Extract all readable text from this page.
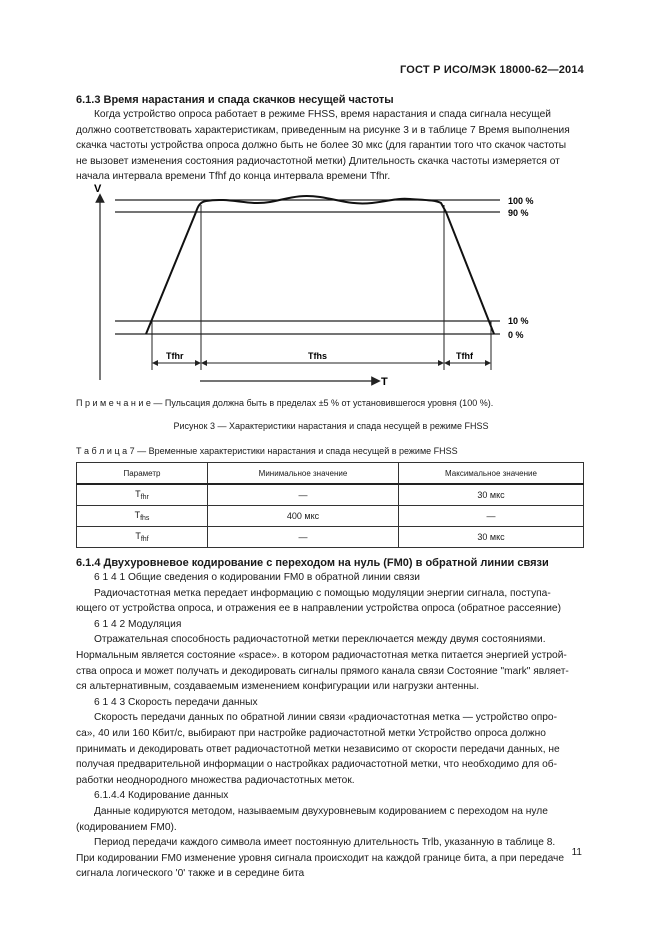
ГОСТ Р ИСО/МЭК 18000-62—2014
6.1.3 Время нарастания и спада скачков несущей частоты
Когда устройство опроса работает в режиме FHSS, время нарастания и спада сигнала несущей
должно соответствовать характеристикам, приведенным на рисунке 3 и в таблице 7 Время выполнения
скачка частоты устройства опроса должно быть не более 30 мкс (для гарантии того что скачок частоты
не вызовет изменения состояния радиочастотной метки) Длительность скачка частоты измеряется от
начала интервала времени Tfhf до конца интервала времени Tfhr.
V
T
100 %
90 %
10 %
0 %
Tfhr	Tfhs	Tfhf
П р и м е ч а н и е — Пульсация должна быть в пределах ±5 % от установившегося уровня (100 %).
Рисунок 3 — Характеристики нарастания и спада несущей в режиме FHSS
Т а б л и ц а 7 — Временные характеристики нарастания и спада несущей в режиме FHSS
Параметр	Минимальное значение	Максимальное значение
$T_{fhr}$	—	30 мкс
$T_{fhs}$	400 мкс	—
$T_{fhf}$	—	30 мкс
6.1.4 Двухуровневое кодирование с переходом на нуль (FM0) в обратной линии связи
6 1 4 1 Общие сведения о кодировании FM0 в обратной линии связи
Радиочастотная метка передает информацию с помощью модуляции энергии сигнала, поступа-
ющего от устройства опроса, и отражения ее в направлении устройства опроса (обратное рассеяние)
6 1 4 2 Модуляция
Отражательная способность радиочастотной метки переключается между двумя состояниями.
Нормальным является состояние «space». в котором радиочастотная метка питается энергией устрой-
ства опроса и может получать и декодировать сигналы прямого канала связи Состояние "mark" являет-
ся альтернативным, создаваемым изменением конфигурации или нагрузки антенны.
6 1 4 3 Скорость передачи данных
Скорость передачи данных по обратной линии связи «радиочастотная метка — устройство опро-
са», 40 или 160 Кбит/с, выбирают при настройке радиочастотной метки Устройство опроса должно
принимать и декодировать ответ радиочастотной метки независимо от скорости передачи данных, не
получая предварительной информации о настройках радиочастотной метки, что необходимо для об-
работки неоднородного множества радиочастотных меток.
6.1.4.4 Кодирование данных
Данные кодируются методом, называемым двухуровневым кодированием с переходом на нуле
(кодированием FM0).
Период передачи каждого символа имеет постоянную длительность Trlb, указанную в таблице 8.
При кодировании FM0 изменение уровня сигнала происходит на каждой границе бита, а при передаче
сигнала логического '0' также и в середине бита
11
